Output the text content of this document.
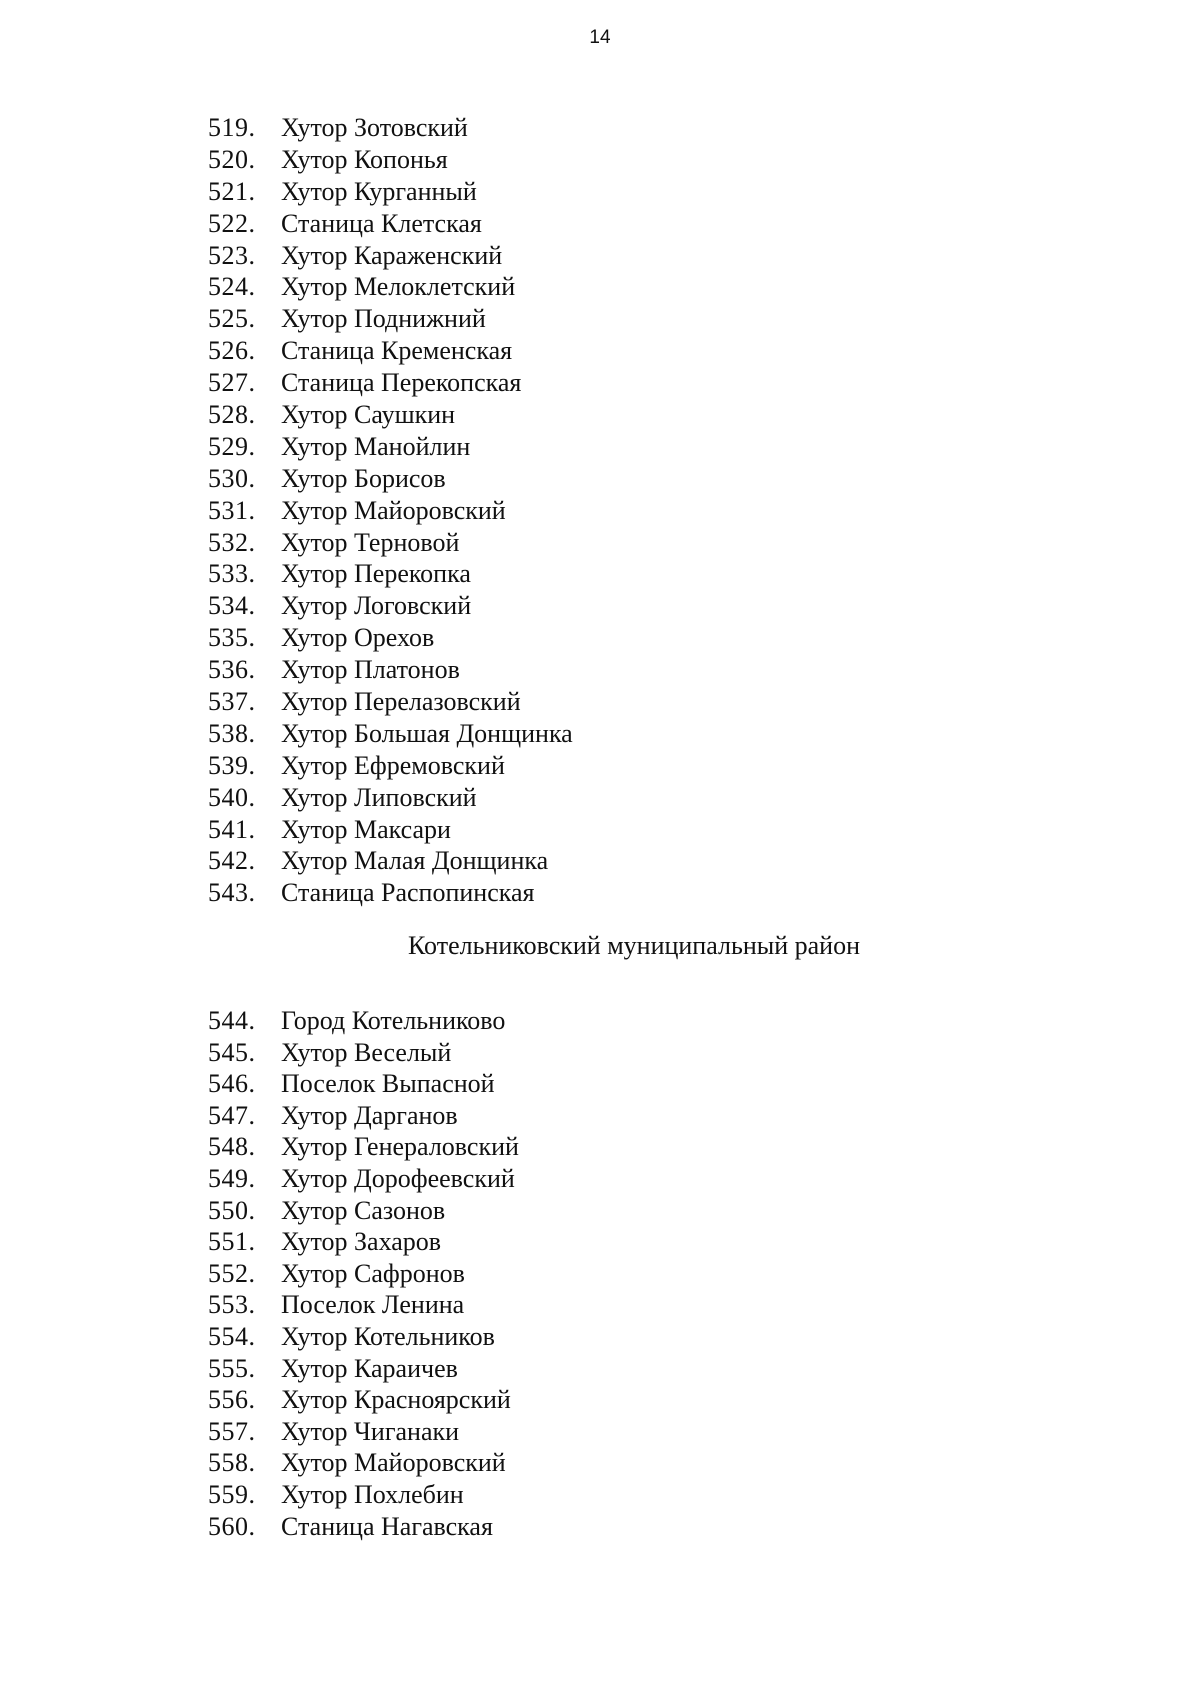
14
519. Хутор Зотовский
520. Хутор Копонья
521. Хутор Курганный
522. Станица Клетская
523. Хутор Караженский
524. Хутор Мелоклетский
525. Хутор Поднижний
526. Станица Кременская
527. Станица Перекопская
528. Хутор Саушкин
529. Хутор Манойлин
530. Хутор Борисов
531. Хутор Майоровский
532. Хутор Терновой
533. Хутор Перекопка
534. Хутор Логовский
535. Хутор Орехов
536. Хутор Платонов
537. Хутор Перелазовский
538. Хутор Большая Донщинка
539. Хутор Ефремовский
540. Хутор Липовский
541. Хутор Максари
542. Хутор Малая Донщинка
543. Станица Распопинская
Котельниковский муниципальный район
544. Город Котельниково
545. Хутор Веселый
546. Поселок Выпасной
547. Хутор Дарганов
548. Хутор Генераловский
549. Хутор Дорофеевский
550. Хутор Сазонов
551. Хутор Захаров
552. Хутор Сафронов
553. Поселок Ленина
554. Хутор Котельников
555. Хутор Караичев
556. Хутор Красноярский
557. Хутор Чиганаки
558. Хутор Майоровский
559. Хутор Похлебин
560. Станица Нагавская
